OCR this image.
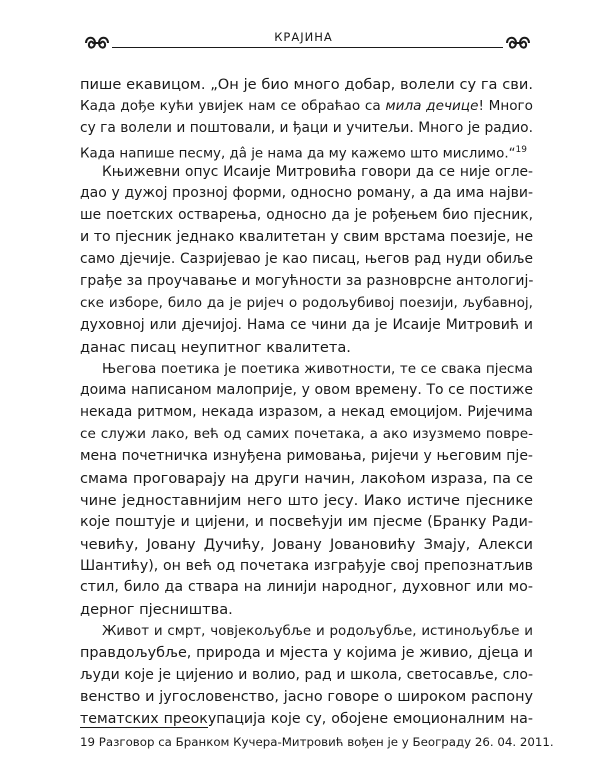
КРАЈИНА
пише екавицом. „Он је био много добар, волели су га сви.
Када дође кући увијек нам се обраћао са мила дечице! Много
су га волели и поштовали, и ђаци и учитељи. Много је радио.
Када напише песму, дâ је нама да му кажемо што мислимо.“$^{19}$
Књижевни опус Исаије Митровића говори да се није огле-
дао у дужој прозној форми, односно роману, а да има најви-
ше поетских остварења, односно да је рођењем био пјесник,
и то пјесник једнако квалитетан у свим врстама поезије, не
само дјечије. Сазријевао је као писац, његов рад нуди обиље
грађе за проучавање и могућности за разноврсне антологиј-
ске изборе, било да је ријеч о родољубивој поезији, љубавној,
духовној или дјечијој. Нама се чини да је Исаије Митровић и
данас писац неупитног квалитета.
Његова поетика је поетика животности, те се свака пјесма
доима написаном малоприје, у овом времену. То се постиже
некада ритмом, некада изразом, а некад емоцијом. Ријечима
се служи лако, већ од самих почетака, а ако изузмемо поврe-
мена почетничка изнуђена римовања, ријечи у његовим пје-
смама проговарају на други начин, лакоћом израза, па се
чине једноставнијим него што јесу. Иако истиче пјеснике
које поштује и цијени, и посвећуји им пјесме (Бранку Ради-
чевићу, Јовану Дучићу, Јовану Јовановићу Змају, Алекси
Шантићу), он већ од почетака изграђује свој препознатљив
стил, било да ствара на линији народног, духовног или мо-
дерног пјесништва.
Живот и смрт, човјекољубље и родољубље, истинољубље и
правдољубље, природа и мјеста у којима је живио, дјеца и
људи које је цијенио и волио, рад и школа, светосавље, сло-
венство и југословенство, јасно говоре о широком распону
тематских преокупација које су, обојене емоционалним на-
19 Разговор са Бранком Кучера-Митровић вођен је у Београду 26. 04. 2011.
